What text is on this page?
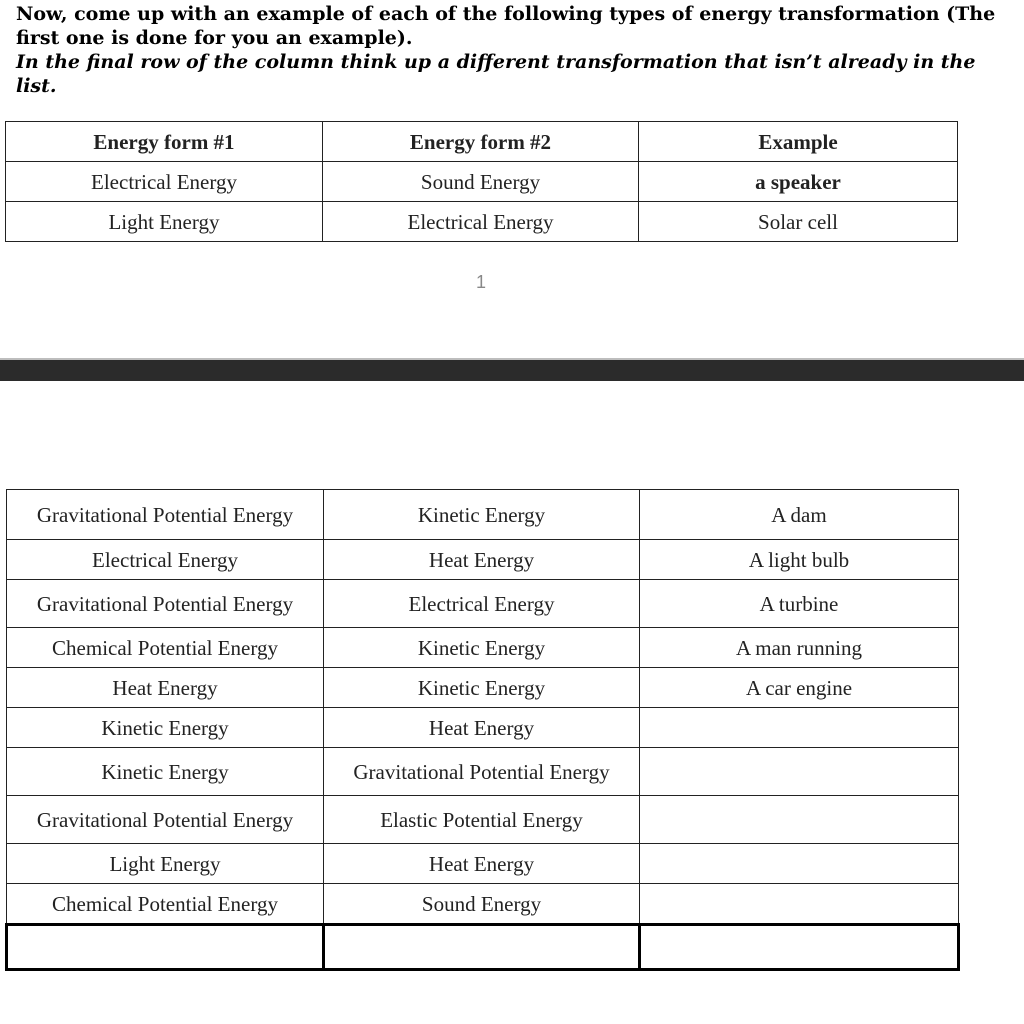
Now, come up with an example of each of the following types of energy transformation (The first one is done for you an example).
In the final row of the column think up a different transformation that isn’t already in the list.
Energy form #1	Energy form #2	Example
Electrical Energy	Sound Energy	a speaker
Light Energy	Electrical Energy	Solar cell
1
Gravitational Potential Energy	Kinetic Energy	A dam
Electrical Energy	Heat Energy	A light bulb
Gravitational Potential Energy	Electrical Energy	A turbine
Chemical Potential Energy	Kinetic Energy	A man running
Heat Energy	Kinetic Energy	A car engine
Kinetic Energy	Heat Energy	
Kinetic Energy	Gravitational Potential Energy	
Gravitational Potential Energy	Elastic Potential Energy	
Light Energy	Heat Energy	
Chemical Potential Energy	Sound Energy	
